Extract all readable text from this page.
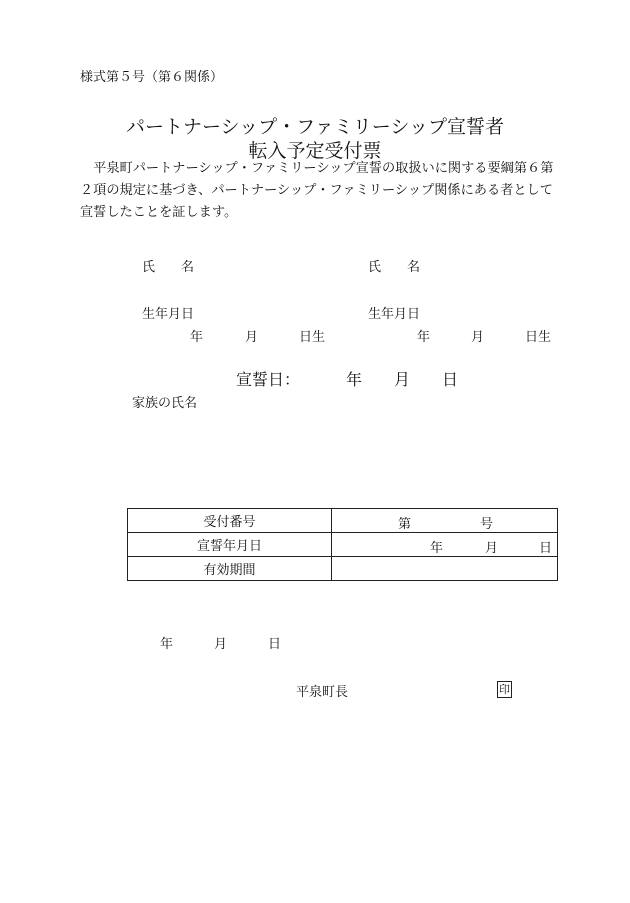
様式第５号（第６関係）
パートナーシップ・ファミリーシップ宣誓者
転入予定受付票
　平泉町パートナーシップ・ファミリーシップ宣誓の取扱いに関する要綱第６第２項の規定に基づき、パートナーシップ・ファミリーシップ関係にある者として宣誓したことを証します。
氏　　名
生年月日
年	月	日生
氏　　名
生年月日
年	月	日生
宣誓日：	年 月 日
家族の氏名
受付番号	第 号

宣誓年月日	年 月 日

有効期間	
年	月	日
平泉町長	印
